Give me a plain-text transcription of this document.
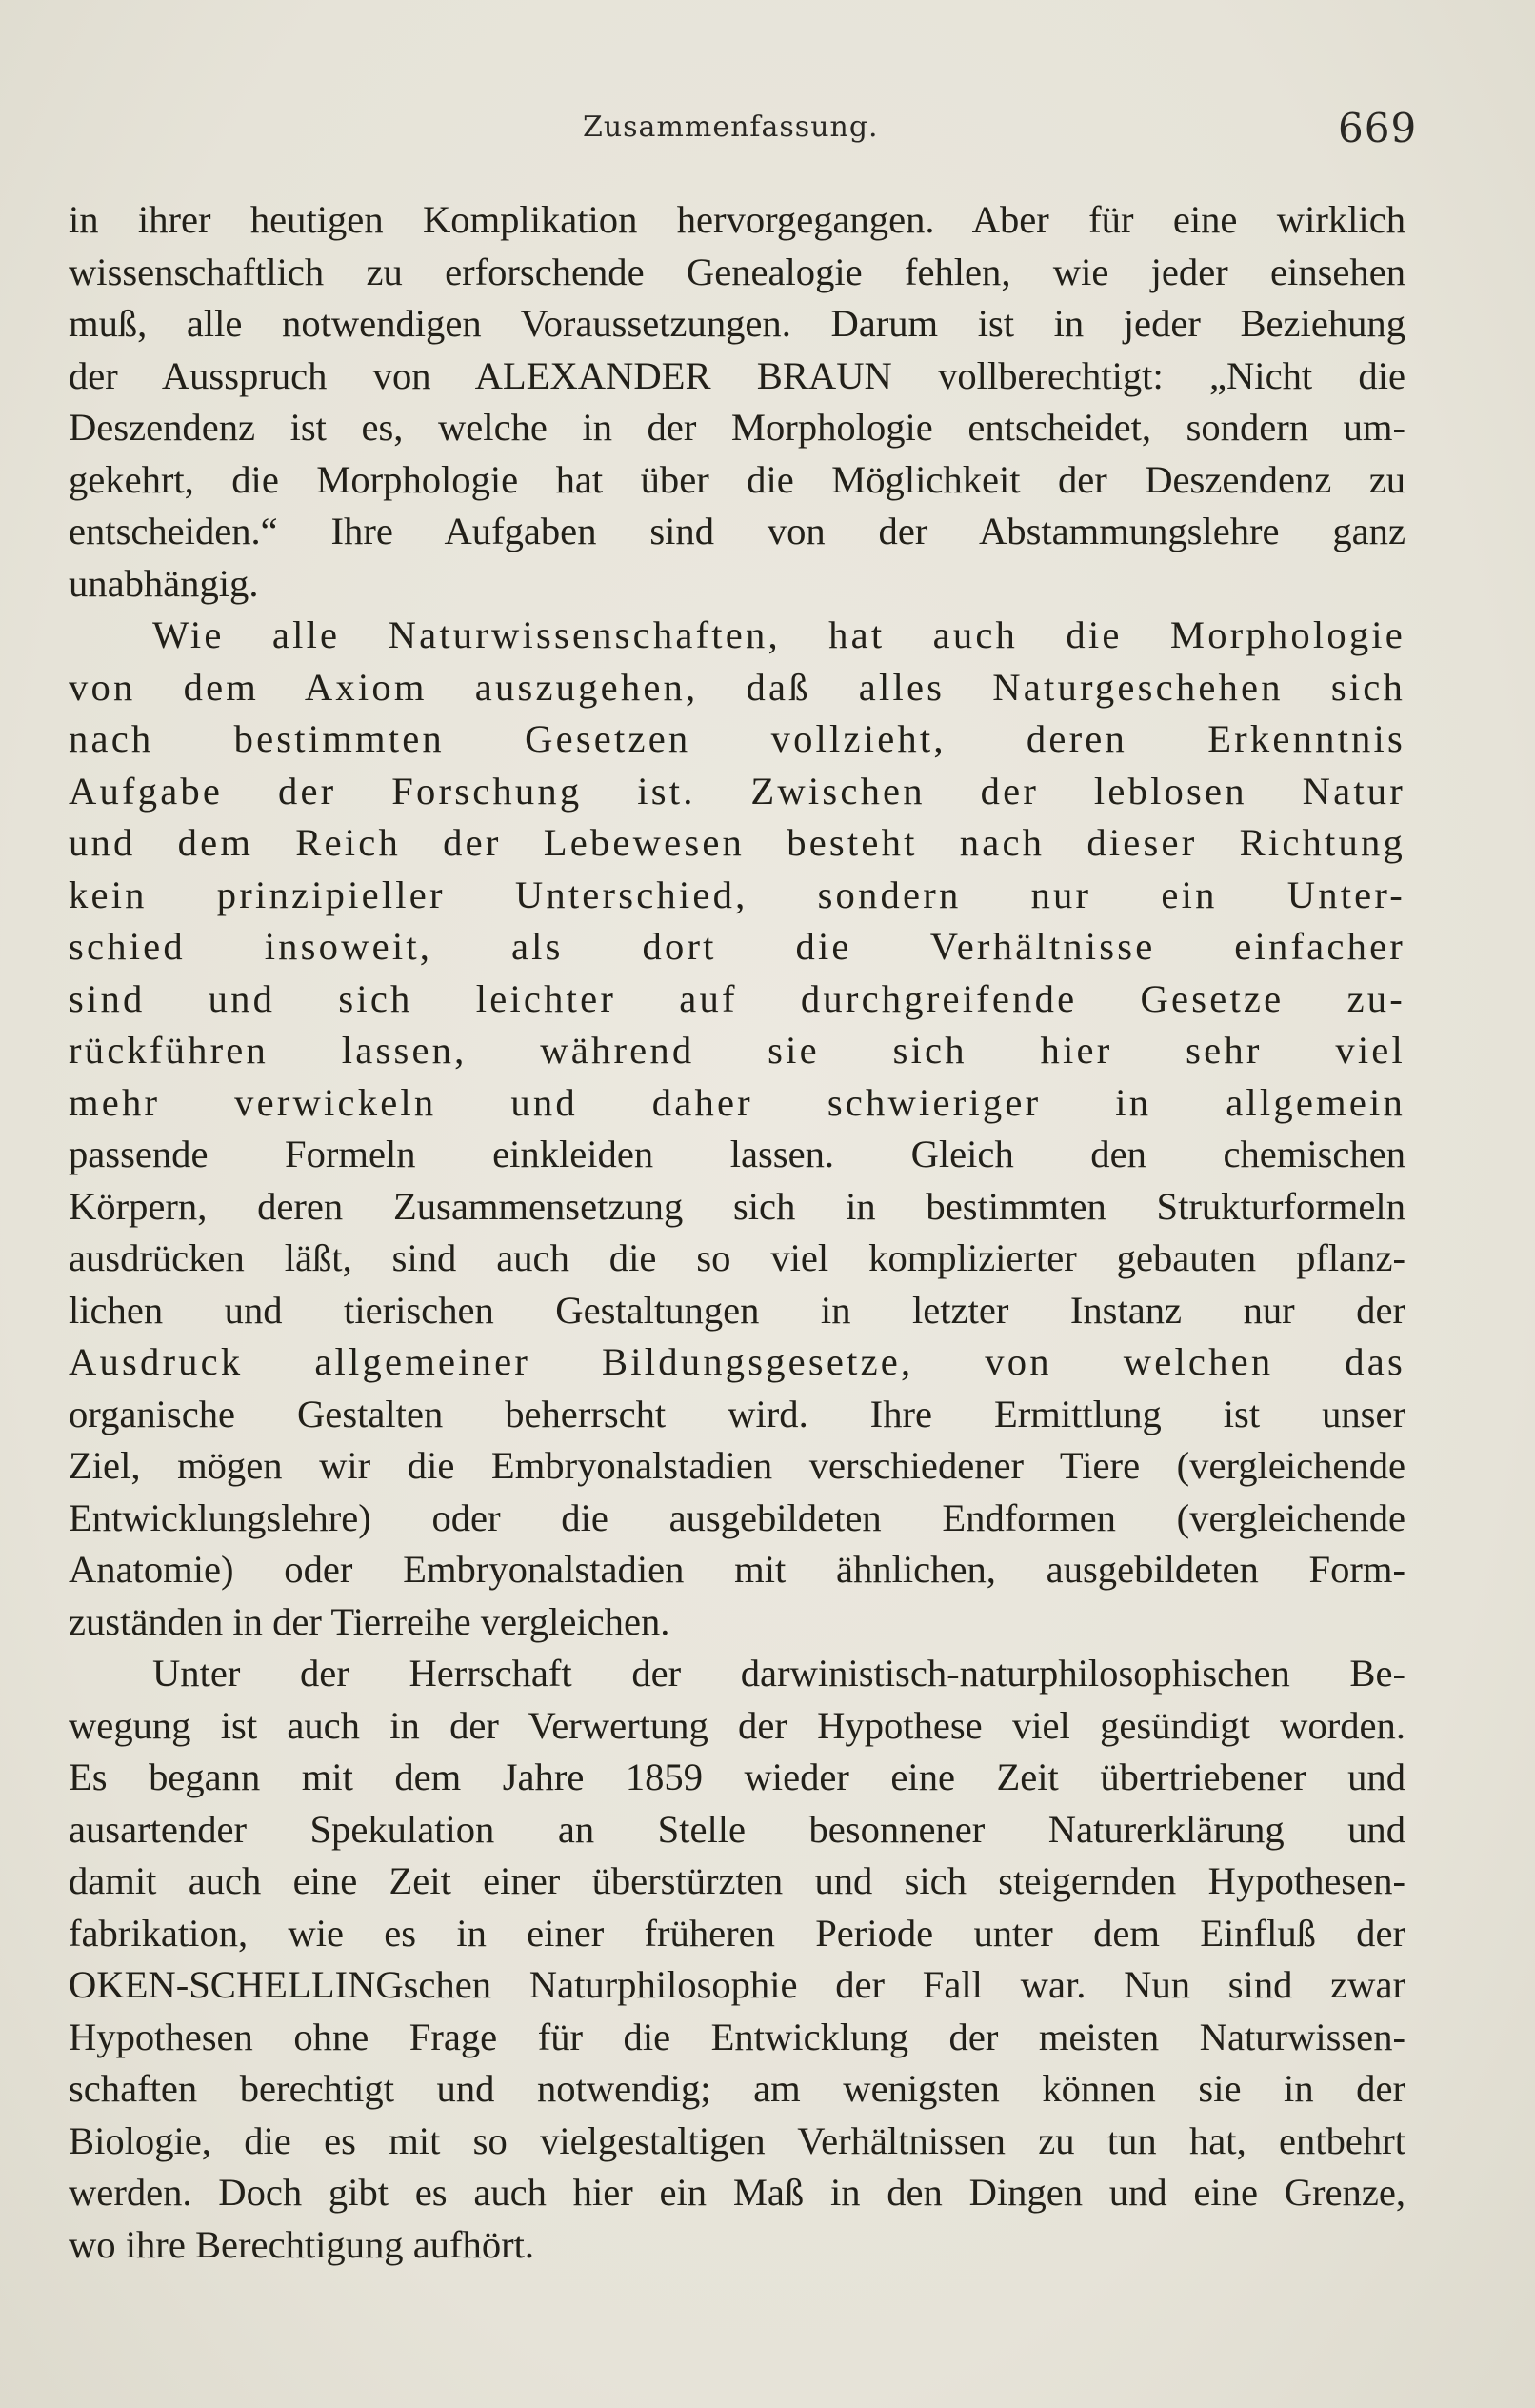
Zusammenfassung.	669
in ihrer heutigen Komplikation hervorgegangen. Aber für eine wirklich
wissenschaftlich zu erforschende Genealogie fehlen, wie jeder einsehen
muß, alle notwendigen Voraussetzungen. Darum ist in jeder Beziehung
der Ausspruch von ALEXANDER BRAUN vollberechtigt: „Nicht die
Deszendenz ist es, welche in der Morphologie entscheidet, sondern um-
gekehrt, die Morphologie hat über die Möglichkeit der Deszendenz zu
entscheiden.“ Ihre Aufgaben sind von der Abstammungslehre ganz
unabhängig.
Wie alle Naturwissenschaften, hat auch die Morphologie
von dem Axiom auszugehen, daß alles Naturgeschehen sich
nach bestimmten Gesetzen vollzieht, deren Erkenntnis
Aufgabe der Forschung ist. Zwischen der leblosen Natur
und dem Reich der Lebewesen besteht nach dieser Richtung
kein prinzipieller Unterschied, sondern nur ein Unter-
schied insoweit, als dort die Verhältnisse einfacher
sind und sich leichter auf durchgreifende Gesetze zu-
rückführen lassen, während sie sich hier sehr viel
mehr verwickeln und daher schwieriger in allgemein
passende Formeln einkleiden lassen. Gleich den chemischen
Körpern, deren Zusammensetzung sich in bestimmten Strukturformeln
ausdrücken läßt, sind auch die so viel komplizierter gebauten pflanz-
lichen und tierischen Gestaltungen in letzter Instanz nur der
Ausdruck allgemeiner Bildungsgesetze, von welchen das
organische Gestalten beherrscht wird. Ihre Ermittlung ist unser
Ziel, mögen wir die Embryonalstadien verschiedener Tiere (vergleichende
Entwicklungslehre) oder die ausgebildeten Endformen (vergleichende
Anatomie) oder Embryonalstadien mit ähnlichen, ausgebildeten Form-
zuständen in der Tierreihe vergleichen.
Unter der Herrschaft der darwinistisch-naturphilosophischen Be-
wegung ist auch in der Verwertung der Hypothese viel gesündigt worden.
Es begann mit dem Jahre 1859 wieder eine Zeit übertriebener und
ausartender Spekulation an Stelle besonnener Naturerklärung und
damit auch eine Zeit einer überstürzten und sich steigernden Hypothesen-
fabrikation, wie es in einer früheren Periode unter dem Einfluß der
OKEN-SCHELLINGschen Naturphilosophie der Fall war. Nun sind zwar
Hypothesen ohne Frage für die Entwicklung der meisten Naturwissen-
schaften berechtigt und notwendig; am wenigsten können sie in der
Biologie, die es mit so vielgestaltigen Verhältnissen zu tun hat, entbehrt
werden. Doch gibt es auch hier ein Maß in den Dingen und eine Grenze,
wo ihre Berechtigung aufhört.
